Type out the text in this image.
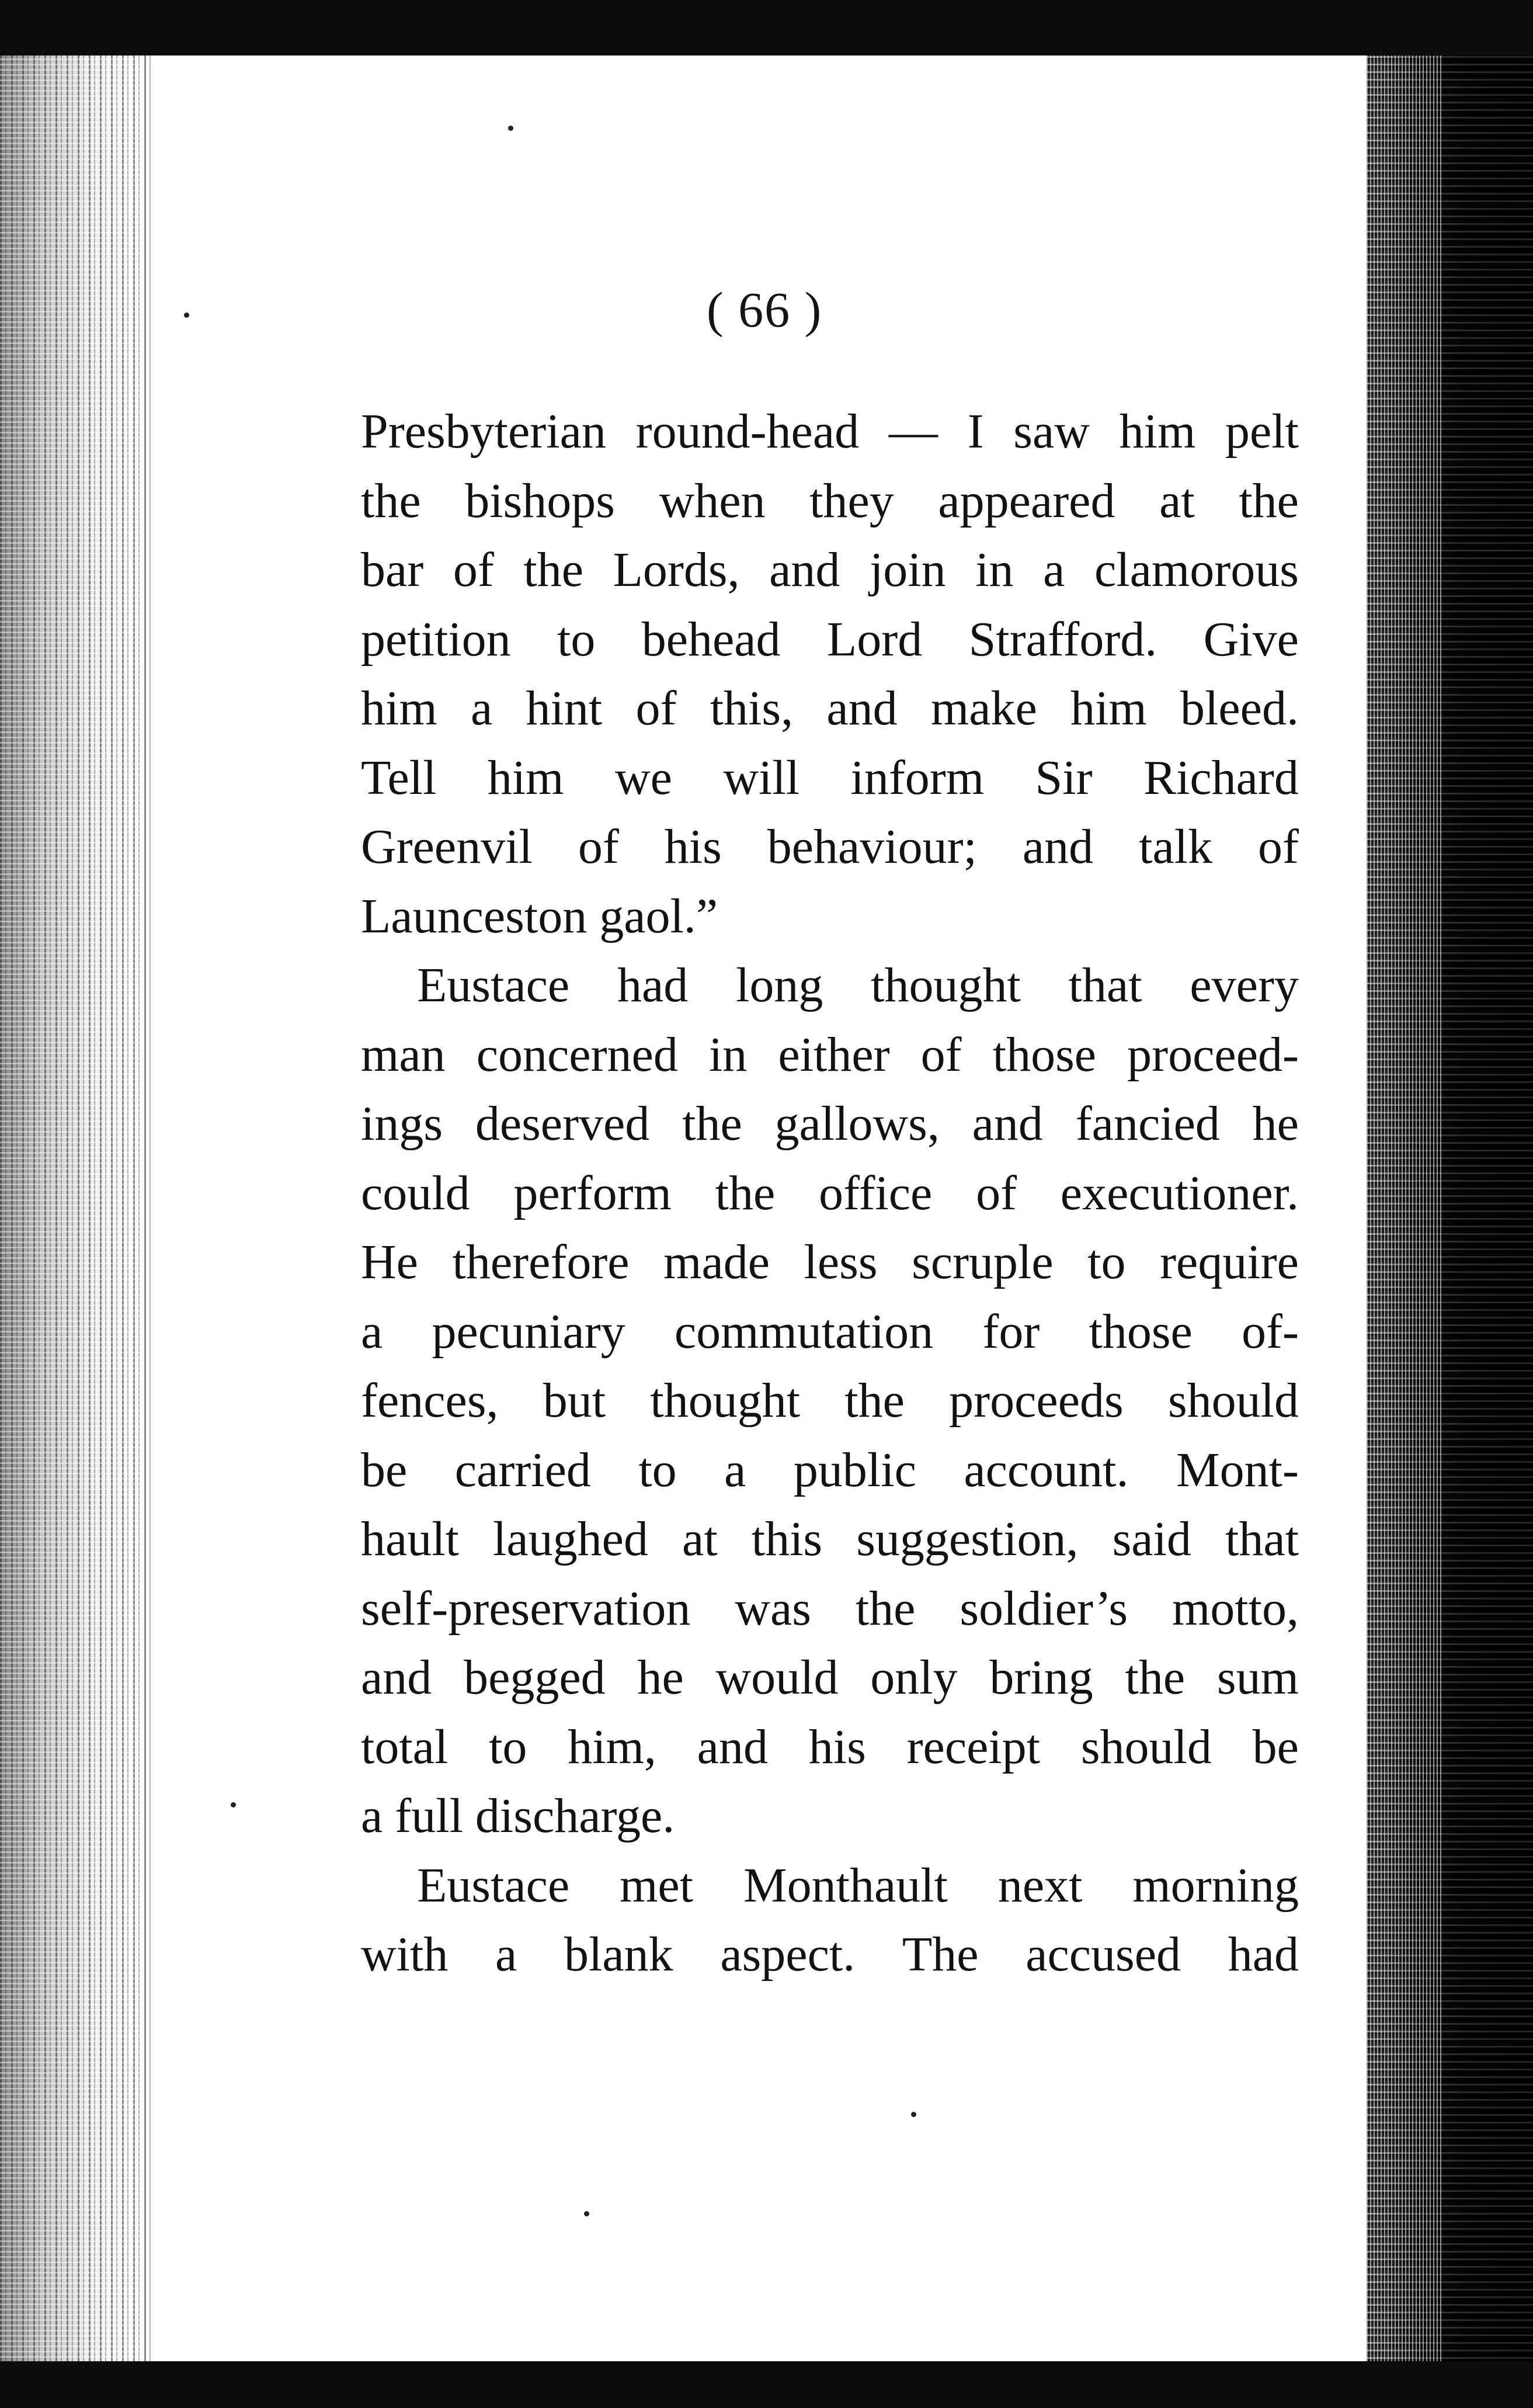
( 66 )
Presbyterian round-head — I saw him pelt
the bishops when they appeared at the
bar of the Lords, and join in a clamorous
petition to behead Lord Strafford. Give
him a hint of this, and make him bleed.
Tell him we will inform Sir Richard
Greenvil of his behaviour; and talk of
Launceston gaol.”
Eustace had long thought that every
man concerned in either of those proceed-
ings deserved the gallows, and fancied he
could perform the office of executioner.
He therefore made less scruple to require
a pecuniary commutation for those of-
fences, but thought the proceeds should
be carried to a public account. Mont-
hault laughed at this suggestion, said that
self-preservation was the soldier’s motto,
and begged he would only bring the sum
total to him, and his receipt should be
a full discharge.
Eustace met Monthault next morning
with a blank aspect. The accused had
